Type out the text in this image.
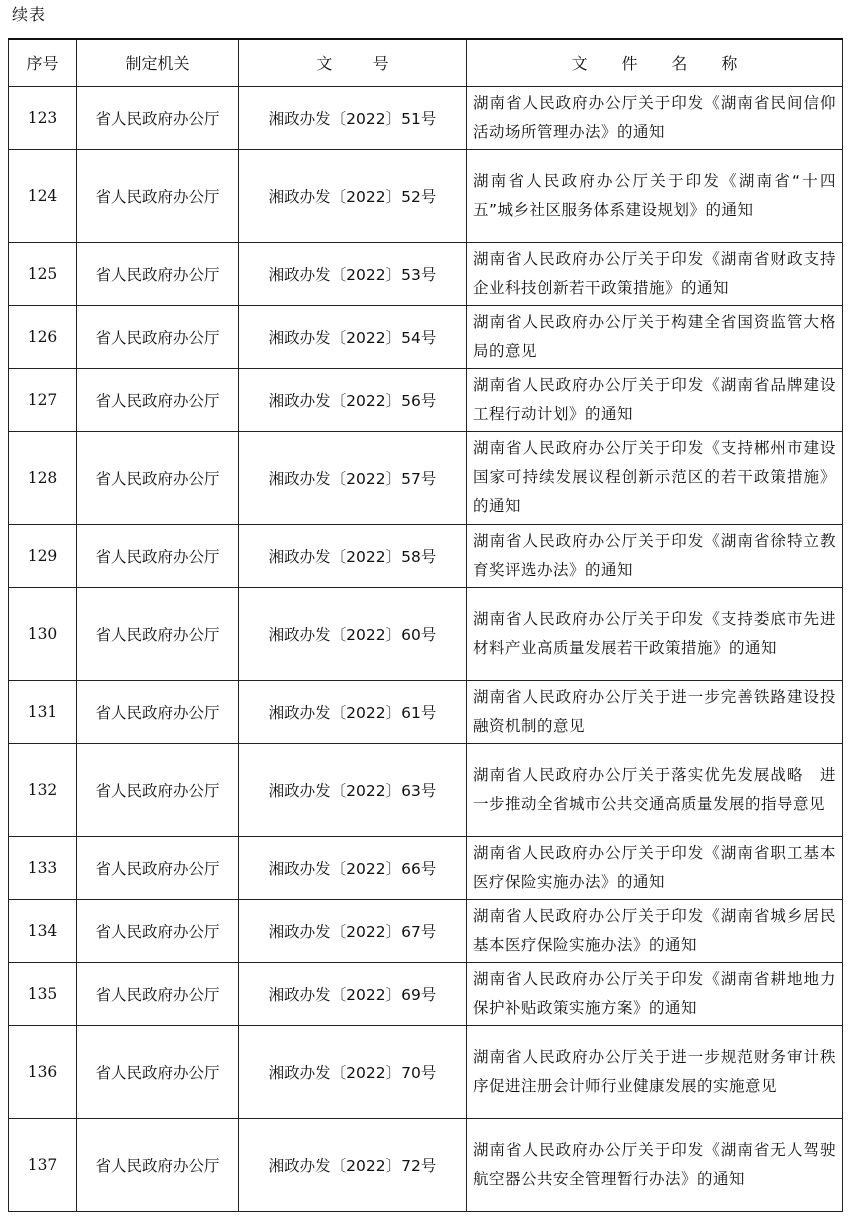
续表
序号	制定机关	文 号	文 件 名 称
123	省人民政府办公厅	湘政办发〔2022〕51号	湖南省人民政府办公厅关于印发《湖南省民间信仰活动场所管理办法》的通知
124	省人民政府办公厅	湘政办发〔2022〕52号	湖南省人民政府办公厅关于印发《湖南省“十四五”城乡社区服务体系建设规划》的通知
125	省人民政府办公厅	湘政办发〔2022〕53号	湖南省人民政府办公厅关于印发《湖南省财政支持企业科技创新若干政策措施》的通知
126	省人民政府办公厅	湘政办发〔2022〕54号	湖南省人民政府办公厅关于构建全省国资监管大格局的意见
127	省人民政府办公厅	湘政办发〔2022〕56号	湖南省人民政府办公厅关于印发《湖南省品牌建设工程行动计划》的通知
128	省人民政府办公厅	湘政办发〔2022〕57号	湖南省人民政府办公厅关于印发《支持郴州市建设国家可持续发展议程创新示范区的若干政策措施》的通知
129	省人民政府办公厅	湘政办发〔2022〕58号	湖南省人民政府办公厅关于印发《湖南省徐特立教育奖评选办法》的通知
130	省人民政府办公厅	湘政办发〔2022〕60号	湖南省人民政府办公厅关于印发《支持娄底市先进材料产业高质量发展若干政策措施》的通知
131	省人民政府办公厅	湘政办发〔2022〕61号	湖南省人民政府办公厅关于进一步完善铁路建设投融资机制的意见
132	省人民政府办公厅	湘政办发〔2022〕63号	湖南省人民政府办公厅关于落实优先发展战略　进一步推动全省城市公共交通高质量发展的指导意见
133	省人民政府办公厅	湘政办发〔2022〕66号	湖南省人民政府办公厅关于印发《湖南省职工基本医疗保险实施办法》的通知
134	省人民政府办公厅	湘政办发〔2022〕67号	湖南省人民政府办公厅关于印发《湖南省城乡居民基本医疗保险实施办法》的通知
135	省人民政府办公厅	湘政办发〔2022〕69号	湖南省人民政府办公厅关于印发《湖南省耕地地力保护补贴政策实施方案》的通知
136	省人民政府办公厅	湘政办发〔2022〕70号	湖南省人民政府办公厅关于进一步规范财务审计秩序促进注册会计师行业健康发展的实施意见
137	省人民政府办公厅	湘政办发〔2022〕72号	湖南省人民政府办公厅关于印发《湖南省无人驾驶航空器公共安全管理暂行办法》的通知
